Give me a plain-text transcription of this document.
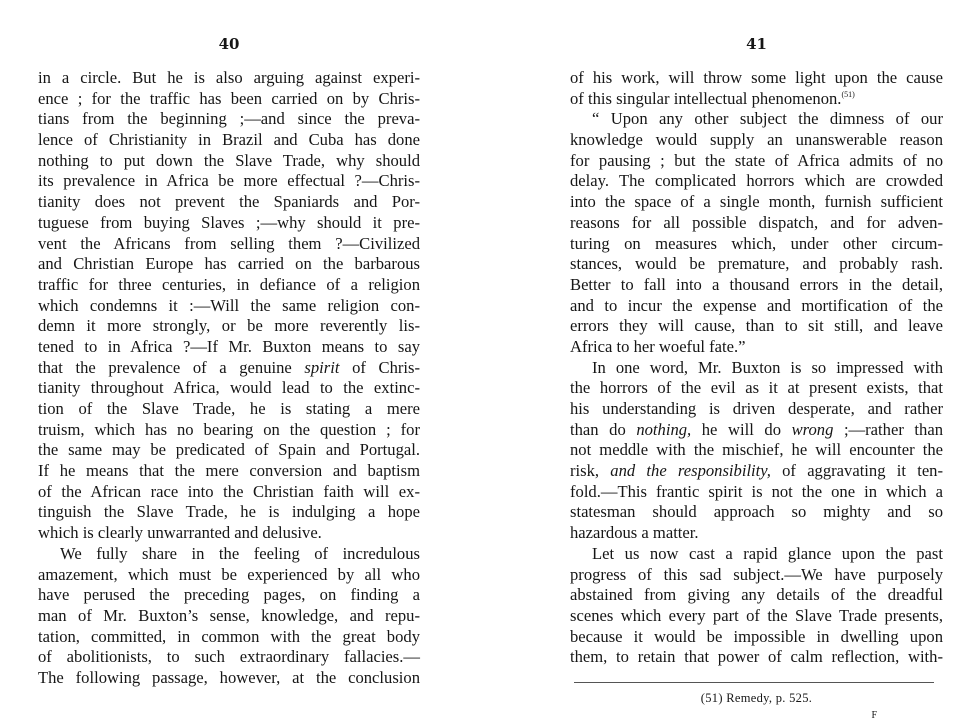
40
in a circle. But he is also arguing against experi-
ence ; for the traffic has been carried on by Chris-
tians from the beginning ;—and since the preva-
lence of Christianity in Brazil and Cuba has done
nothing to put down the Slave Trade, why should
its prevalence in Africa be more effectual ?—Chris-
tianity does not prevent the Spaniards and Por-
tuguese from buying Slaves ;—why should it pre-
vent the Africans from selling them ?—Civilized
and Christian Europe has carried on the barbarous
traffic for three centuries, in defiance of a religion
which condemns it :—Will the same religion con-
demn it more strongly, or be more reverently lis-
tened to in Africa ?—If Mr. Buxton means to say
that the prevalence of a genuine spirit of Chris-
tianity throughout Africa, would lead to the extinc-
tion of the Slave Trade, he is stating a mere
truism, which has no bearing on the question ; for
the same may be predicated of Spain and Portugal.
If he means that the mere conversion and baptism
of the African race into the Christian faith will ex-
tinguish the Slave Trade, he is indulging a hope
which is clearly unwarranted and delusive.
We fully share in the feeling of incredulous
amazement, which must be experienced by all who
have perused the preceding pages, on finding a
man of Mr. Buxton’s sense, knowledge, and repu-
tation, committed, in common with the great body
of abolitionists, to such extraordinary fallacies.—
The following passage, however, at the conclusion
41
of his work, will throw some light upon the cause
of this singular intellectual phenomenon.$^{(51)}$
“ Upon any other subject the dimness of our
knowledge would supply an unanswerable reason
for pausing ; but the state of Africa admits of no
delay. The complicated horrors which are crowded
into the space of a single month, furnish sufficient
reasons for all possible dispatch, and for adven-
turing on measures which, under other circum-
stances, would be premature, and probably rash.
Better to fall into a thousand errors in the detail,
and to incur the expense and mortification of the
errors they will cause, than to sit still, and leave
Africa to her woeful fate.”
In one word, Mr. Buxton is so impressed with
the horrors of the evil as it at present exists, that
his understanding is driven desperate, and rather
than do nothing, he will do wrong ;—rather than
not meddle with the mischief, he will encounter the
risk, and the responsibility, of aggravating it ten-
fold.—This frantic spirit is not the one in which a
statesman should approach so mighty and so
hazardous a matter.
Let us now cast a rapid glance upon the past
progress of this sad subject.—We have purposely
abstained from giving any details of the dreadful
scenes which every part of the Slave Trade presents,
because it would be impossible in dwelling upon
them, to retain that power of calm reflection, with-
(51) Remedy, p. 525.
F
